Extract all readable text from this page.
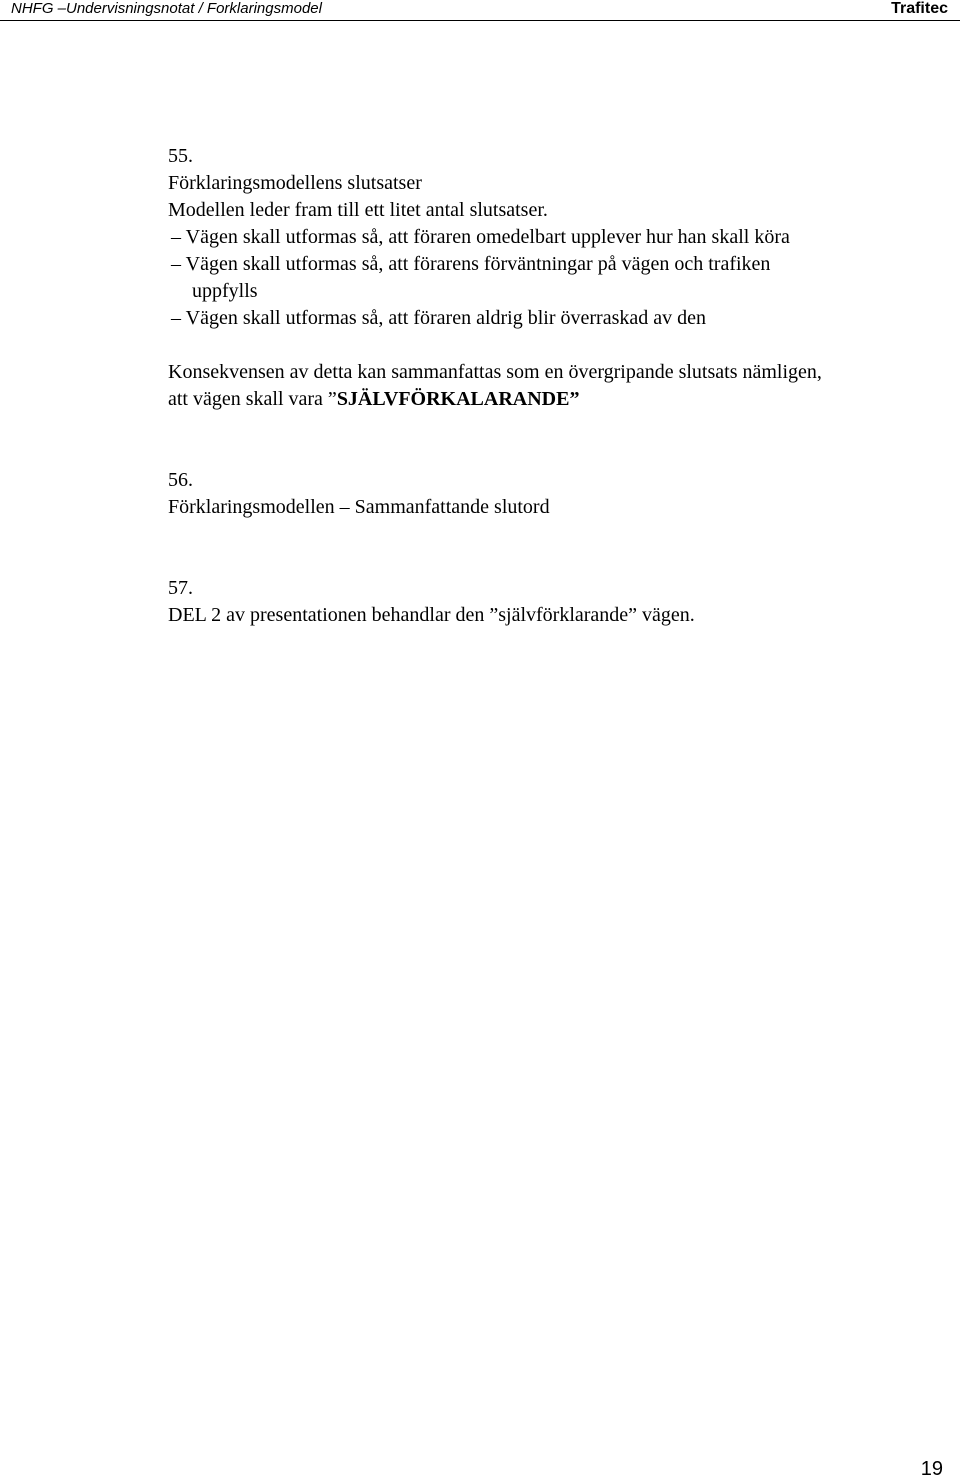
NHFG –Undervisningsnotat / Forklaringsmodel	Trafitec
55.
Förklaringsmodellens slutsatser
Modellen leder fram till ett litet antal slutsatser.
– Vägen skall utformas så, att föraren omedelbart upplever hur han skall köra
– Vägen skall utformas så, att förarens förväntningar på vägen och trafiken
uppfylls
– Vägen skall utformas så, att föraren aldrig blir överraskad av den
Konsekvensen av detta kan sammanfattas som en övergripande slutsats nämligen,
att vägen skall vara ”SJÄLVFÖRKALARANDE”
56.
Förklaringsmodellen – Sammanfattande slutord
57.
DEL 2 av presentationen behandlar den ”självförklarande” vägen.
19
